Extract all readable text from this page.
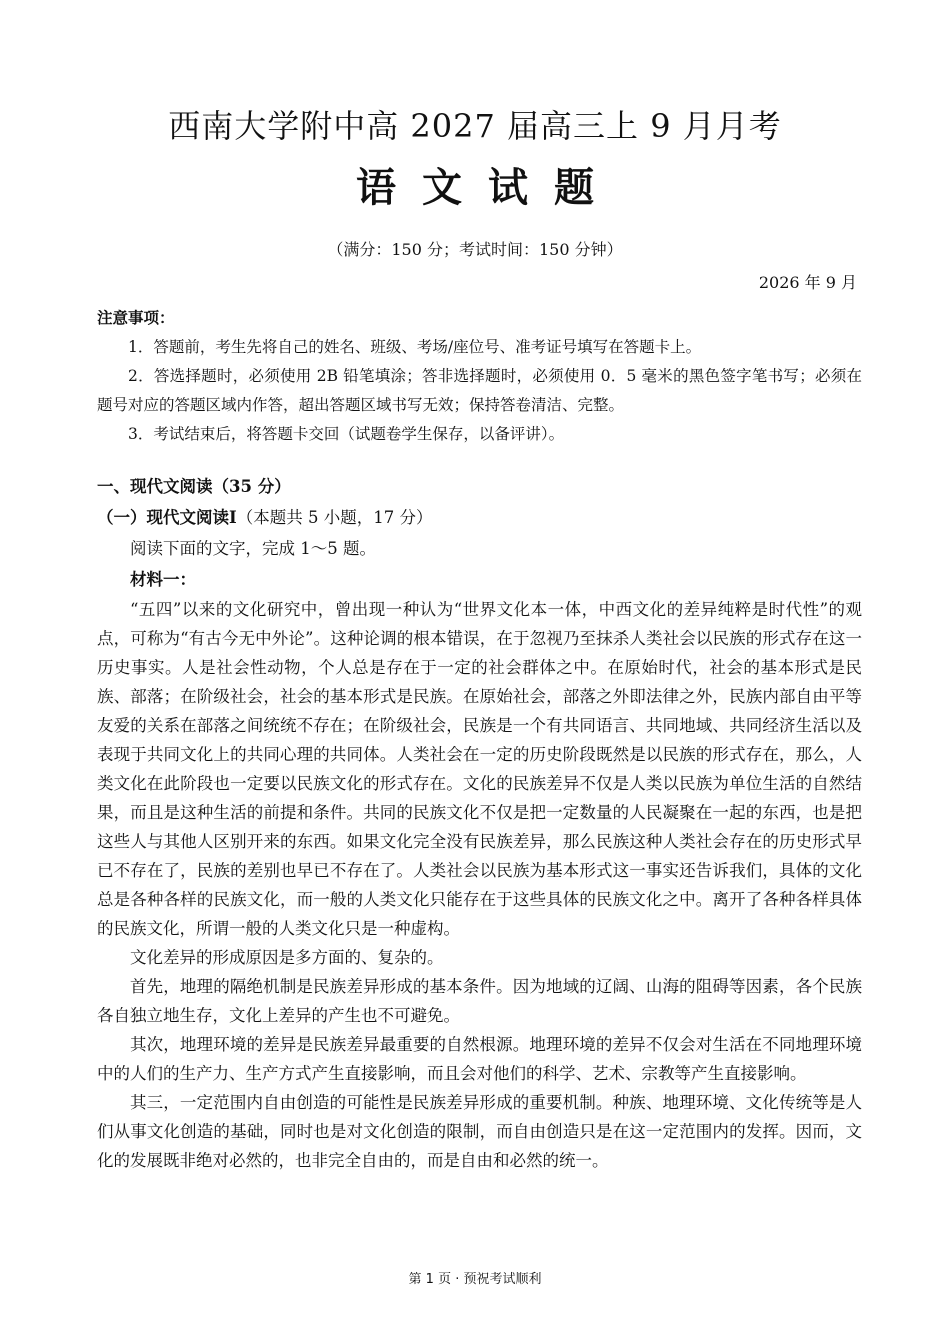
西南大学附中高 2027 届高三上 9 月月考
语文试题
（满分：150 分；考试时间：150 分钟）
2026 年 9 月

注意事项：

1．答题前，考生先将自己的姓名、班级、考场/座位号、准考证号填写在答题卡上。

2．答选择题时，必须使用 2B 铅笔填涂；答非选择题时，必须使用 0．5 毫米的黑色签字笔书写；必须在题号对应的答题区域内作答，超出答题区域书写无效；保持答卷清洁、完整。

3．考试结束后，将答题卡交回（试题卷学生保存，以备评讲）。

一、现代文阅读（35 分）

（一）现代文阅读I（本题共 5 小题，17 分）

阅读下面的文字，完成 1～5 题。

材料一：

“五四”以来的文化研究中，曾出现一种认为“世界文化本一体，中西文化的差异纯粹是时代性”的观点，可称为“有古今无中外论”。这种论调的根本错误，在于忽视乃至抹杀人类社会以民族的形式存在这一历史事实。人是社会性动物，个人总是存在于一定的社会群体之中。在原始时代，社会的基本形式是民族、部落；在阶级社会，社会的基本形式是民族。在原始社会，部落之外即法律之外，民族内部自由平等友爱的关系在部落之间统统不存在；在阶级社会，民族是一个有共同语言、共同地域、共同经济生活以及表现于共同文化上的共同心理的共同体。人类社会在一定的历史阶段既然是以民族的形式存在，那么，人类文化在此阶段也一定要以民族文化的形式存在。文化的民族差异不仅是人类以民族为单位生活的自然结果，而且是这种生活的前提和条件。共同的民族文化不仅是把一定数量的人民凝聚在一起的东西，也是把这些人与其他人区别开来的东西。如果文化完全没有民族差异，那么民族这种人类社会存在的历史形式早已不存在了，民族的差别也早已不存在了。人类社会以民族为基本形式这一事实还告诉我们，具体的文化总是各种各样的民族文化，而一般的人类文化只能存在于这些具体的民族文化之中。离开了各种各样具体的民族文化，所谓一般的人类文化只是一种虚构。

文化差异的形成原因是多方面的、复杂的。

首先，地理的隔绝机制是民族差异形成的基本条件。因为地域的辽阔、山海的阻碍等因素，各个民族各自独立地生存，文化上差异的产生也不可避免。

其次，地理环境的差异是民族差异最重要的自然根源。地理环境的差异不仅会对生活在不同地理环境中的人们的生产力、生产方式产生直接影响，而且会对他们的科学、艺术、宗教等产生直接影响。

其三，一定范围内自由创造的可能性是民族差异形成的重要机制。种族、地理环境、文化传统等是人们从事文化创造的基础，同时也是对文化创造的限制，而自由创造只是在这一定范围内的发挥。因而，文化的发展既非绝对必然的，也非完全自由的，而是自由和必然的统一。

第 1 页 · 预祝考试顺利
